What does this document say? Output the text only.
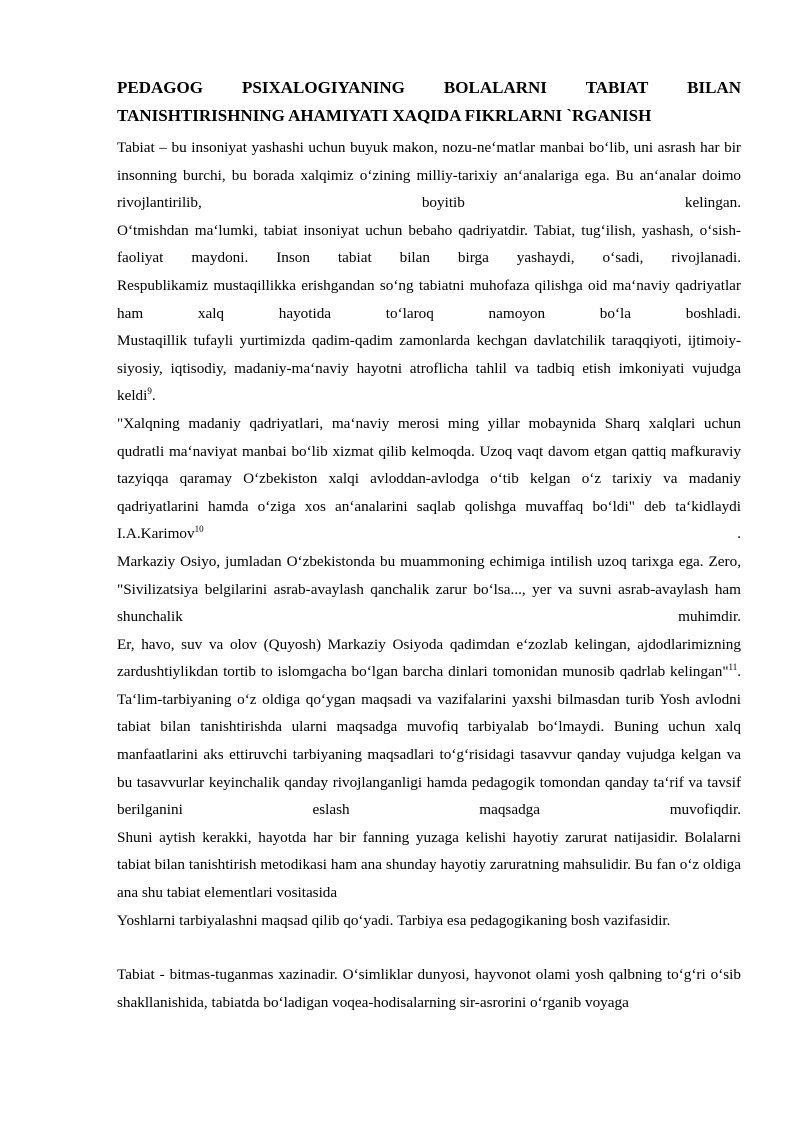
PEDAGOG PSIXALOGIYANING BOLALARNI TABIAT BILAN
TANISHTIRISHNING AHAMIYATI XAQIDA FIKRLARNI `RGANISH

Tabiat – bu insoniyat yashashi uchun buyuk makon, nozu-ne‘matlar manbai bo‘lib, uni asrash har bir insonning burchi, bu borada xalqimiz o‘zining milliy-tarixiy an‘analariga ega. Bu an‘analar doimo rivojlantirilib, boyitib kelingan.

O‘tmishdan ma‘lumki, tabiat insoniyat uchun bebaho qadriyatdir. Tabiat, tug‘ilish, yashash, o‘sish-faoliyat maydoni. Inson tabiat bilan birga yashaydi, o‘sadi, rivojlanadi.

Respublikamiz mustaqillikka erishgandan so‘ng tabiatni muhofaza qilishga oid ma‘naviy qadriyatlar ham xalq hayotida to‘laroq namoyon bo‘la boshladi.

Mustaqillik tufayli yurtimizda qadim-qadim zamonlarda kechgan davlatchilik taraqqiyoti, ijtimoiy-siyosiy, iqtisodiy, madaniy-ma‘naviy hayotni atroflicha tahlil va tadbiq etish imkoniyati vujudga keldi$^9$.

"Xalqning madaniy qadriyatlari, ma‘naviy merosi ming yillar mobaynida Sharq xalqlari uchun qudratli ma‘naviyat manbai bo‘lib xizmat qilib kelmoqda. Uzoq vaqt davom etgan qattiq mafkuraviy tazyiqqa qaramay O‘zbekiston xalqi avloddan-avlodga o‘tib kelgan o‘z tarixiy va madaniy qadriyatlarini hamda o‘ziga xos an‘analarini saqlab qolishga muvaffaq bo‘ldi" deb ta‘kidlaydi I.A.Karimov$^{10}$ .

Markaziy Osiyo, jumladan O‘zbekistonda bu muammoning echimiga intilish uzoq tarixga ega. Zero, "Sivilizatsiya belgilarini asrab-avaylash qanchalik zarur bo‘lsa..., yer va suvni asrab-avaylash ham shunchalik muhimdir.

Er, havo, suv va olov (Quyosh) Markaziy Osiyoda qadimdan e‘zozlab kelingan, ajdodlarimizning zardushtiylikdan tortib to islomgacha bo‘lgan barcha dinlari tomonidan munosib qadrlab kelingan"$^{11}$.

Ta‘lim-tarbiyaning o‘z oldiga qo‘ygan maqsadi va vazifalarini yaxshi bilmasdan turib Yosh avlodni tabiat bilan tanishtirishda ularni maqsadga muvofiq tarbiyalab bo‘lmaydi. Buning uchun xalq manfaatlarini aks ettiruvchi tarbiyaning maqsadlari to‘g‘risidagi tasavvur qanday vujudga kelgan va bu tasavvurlar keyinchalik qanday rivojlanganligi hamda pedagogik tomondan qanday ta‘rif va tavsif berilganini eslash maqsadga muvofiqdir.

Shuni aytish kerakki, hayotda har bir fanning yuzaga kelishi hayotiy zarurat natijasidir. Bolalarni tabiat bilan tanishtirish metodikasi ham ana shunday hayotiy zaruratning mahsulidir. Bu fan o‘z oldiga ana shu tabiat elementlari vositasida

Yoshlarni tarbiyalashni maqsad qilib qo‘yadi. Tarbiya esa pedagogikaning bosh vazifasidir.

Tabiat - bitmas-tuganmas xazinadir. O‘simliklar dunyosi, hayvonot olami yosh qalbning to‘g‘ri o‘sib shakllanishida, tabiatda bo‘ladigan voqea-hodisalarning sir-asrorini o‘rganib voyaga
